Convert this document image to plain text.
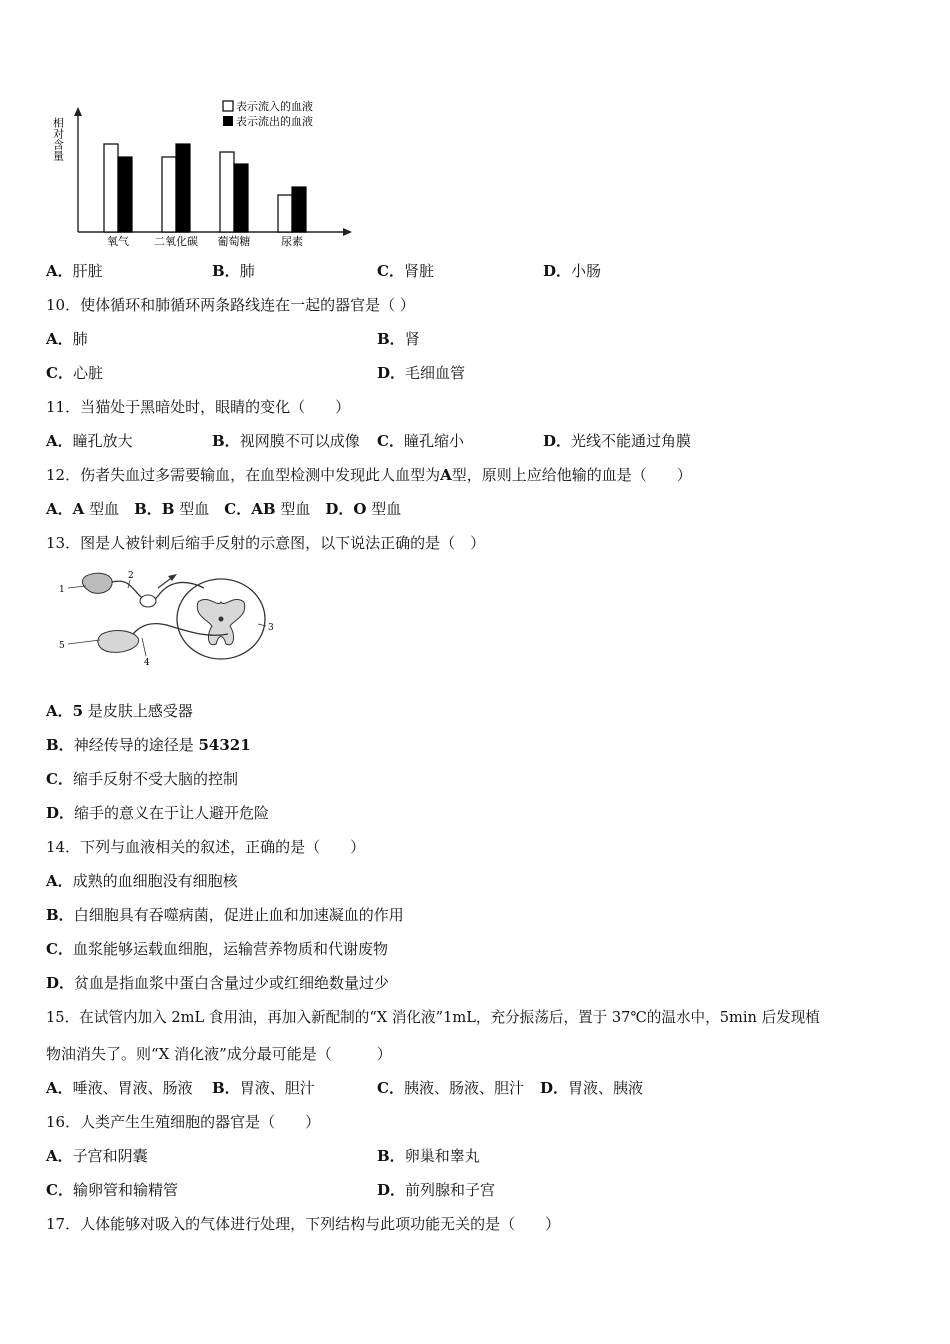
相对含量
氧气 二氧化碳 葡萄糖	尿素
表示流入的血液
表示流出的血液
A．肝脏	B．肺	C．肾脏	D．小肠
10．使体循环和肺循环两条路线连在一起的器官是（ ）
A．肺	B．肾
C．心脏	D．毛细血管
11．当猫处于黑暗处时，眼睛的变化（　　）
A．瞳孔放大	B．视网膜不可以成像 C．瞳孔缩小	D．光线不能通过角膜
12．伤者失血过多需要输血，在血型检测中发现此人血型为A型，原则上应给他输的血是（　　）
A．A 型血  B．B 型血  C．AB 型血  D．O 型血
13．图是人被针刺后缩手反射的示意图，以下说法正确的是（　）
1
2
3
4
5
A．5 是皮肤上感受器
B．神经传导的途径是 54321
C．缩手反射不受大脑的控制
D．缩手的意义在于让人避开危险
14．下列与血液相关的叙述，正确的是（　　）
A．成熟的血细胞没有细胞核
B．白细胞具有吞噬病菌，促进止血和加速凝血的作用
C．血浆能够运载血细胞，运输营养物质和代谢废物
D．贫血是指血浆中蛋白含量过少或红细绝数量过少
15．在试管内加入 2mL 食用油，再加入新配制的“X 消化液”1mL，充分振荡后，置于 37℃的温水中，5min 后发现植
物油消失了。则“X 消化液”成分最可能是（　　　）
A．唾液、胃液、肠液 B．胃液、胆汁	C．胰液、肠液、胆汁 D．胃液、胰液
16．人类产生生殖细胞的器官是（　　）
A．子宫和阴囊	B．卵巢和睾丸
C．输卵管和输精管	D．前列腺和子宫
17．人体能够对吸入的气体进行处理，下列结构与此项功能无关的是（　　）
